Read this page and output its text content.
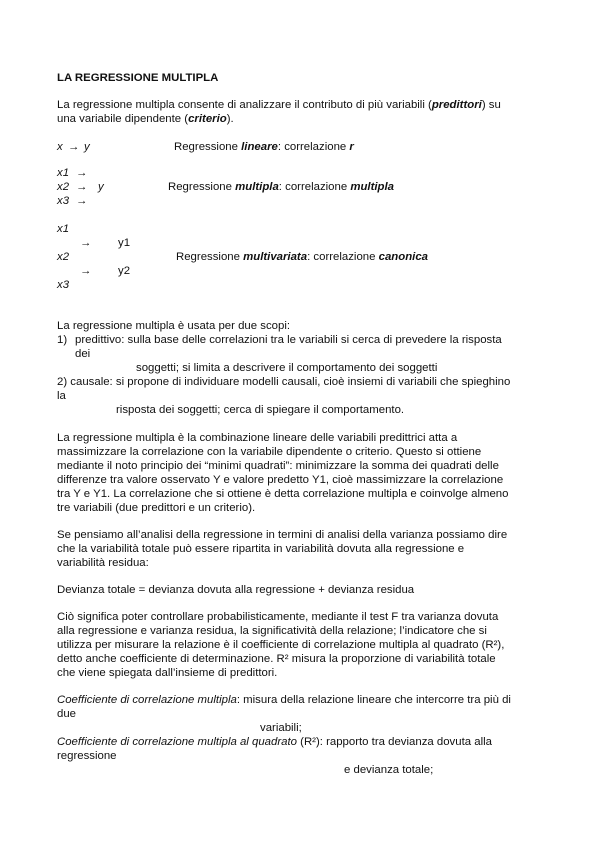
LA REGRESSIONE MULTIPLA
La regressione multipla consente di analizzare il contributo di più variabili (predittori) su
una variabile dipendente (criterio).
x → y	Regressione lineare: correlazione r
x1 →
x2 → y	Regressione multipla: correlazione multipla
x3 →
x1
→ y1
x2	Regressione multivariata: correlazione canonica
→ y2
x3
La regressione multipla è usata per due scopi:
1) predittivo: sulla base delle correlazioni tra le variabili si cerca di prevedere la risposta
dei
soggetti; si limita a descrivere il comportamento dei soggetti
2) causale: si propone di individuare modelli causali, cioè insiemi di variabili che spieghino
la
risposta dei soggetti; cerca di spiegare il comportamento.
La regressione multipla è la combinazione lineare delle variabili predittrici atta a
massimizzare la correlazione con la variabile dipendente o criterio. Questo si ottiene
mediante il noto principio dei “minimi quadrati”: minimizzare la somma dei quadrati delle
differenze tra valore osservato Y e valore predetto Y1, cioè massimizzare la correlazione
tra Y e Y1. La correlazione che si ottiene è detta correlazione multipla e coinvolge almeno
tre variabili (due predittori e un criterio).
Se pensiamo all’analisi della regressione in termini di analisi della varianza possiamo dire
che la variabilità totale può essere ripartita in variabilità dovuta alla regressione e
variabilità residua:
Devianza totale = devianza dovuta alla regressione + devianza residua
Ciò significa poter controllare probabilisticamente, mediante il test F tra varianza dovuta
alla regressione e varianza residua, la significatività della relazione; l’indicatore che si
utilizza per misurare la relazione è il coefficiente di correlazione multipla al quadrato (R²),
detto anche coefficiente di determinazione. R² misura la proporzione di variabilità totale
che viene spiegata dall’insieme di predittori.
Coefficiente di correlazione multipla: misura della relazione lineare che intercorre tra più di
due
variabili;
Coefficiente di correlazione multipla al quadrato (R²): rapporto tra devianza dovuta alla
regressione
e devianza totale;
